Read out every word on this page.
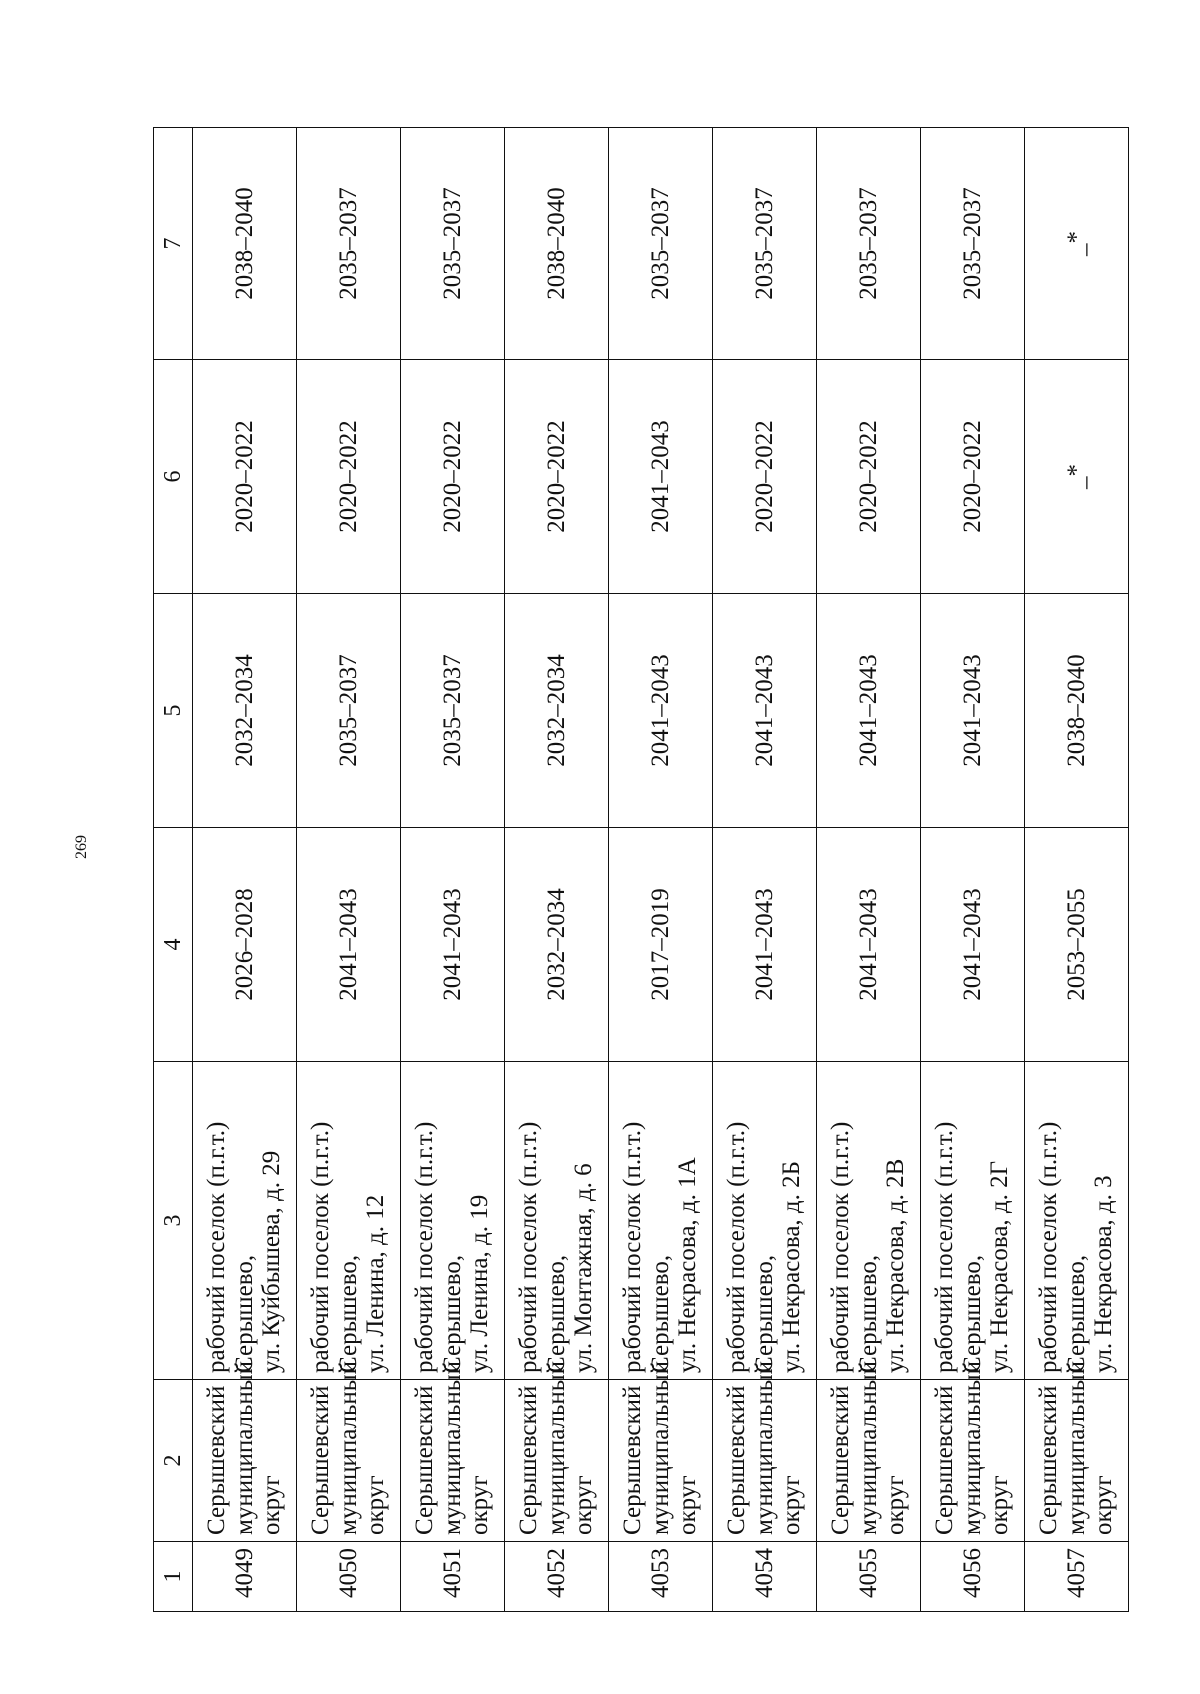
269
1	2	3	4	5	6	7
4049	Серышевский муниципальный округ	рабочий поселок (п.г.т.) Серышево, ул. Куйбышева, д. 29	2026–2028	2032–2034	2020–2022	2038–2040
4050	Серышевский муниципальный округ	рабочий поселок (п.г.т.) Серышево, ул. Ленина, д. 12	2041–2043	2035–2037	2020–2022	2035–2037
4051	Серышевский муниципальный округ	рабочий поселок (п.г.т.) Серышево, ул. Ленина, д. 19	2041–2043	2035–2037	2020–2022	2035–2037
4052	Серышевский муниципальный округ	рабочий поселок (п.г.т.) Серышево, ул. Монтажная, д. 6	2032–2034	2032–2034	2020–2022	2038–2040
4053	Серышевский муниципальный округ	рабочий поселок (п.г.т.) Серышево, ул. Некрасова, д. 1А	2017–2019	2041–2043	2041–2043	2035–2037
4054	Серышевский муниципальный округ	рабочий поселок (п.г.т.) Серышево, ул. Некрасова, д. 2Б	2041–2043	2041–2043	2020–2022	2035–2037
4055	Серышевский муниципальный округ	рабочий поселок (п.г.т.) Серышево, ул. Некрасова, д. 2В	2041–2043	2041–2043	2020–2022	2035–2037
4056	Серышевский муниципальный округ	рабочий поселок (п.г.т.) Серышево, ул. Некрасова, д. 2Г	2041–2043	2041–2043	2020–2022	2035–2037
4057	Серышевский муниципальный округ	рабочий поселок (п.г.т.) Серышево, ул. Некрасова, д. 3	2053–2055	2038–2040	_*	_*
